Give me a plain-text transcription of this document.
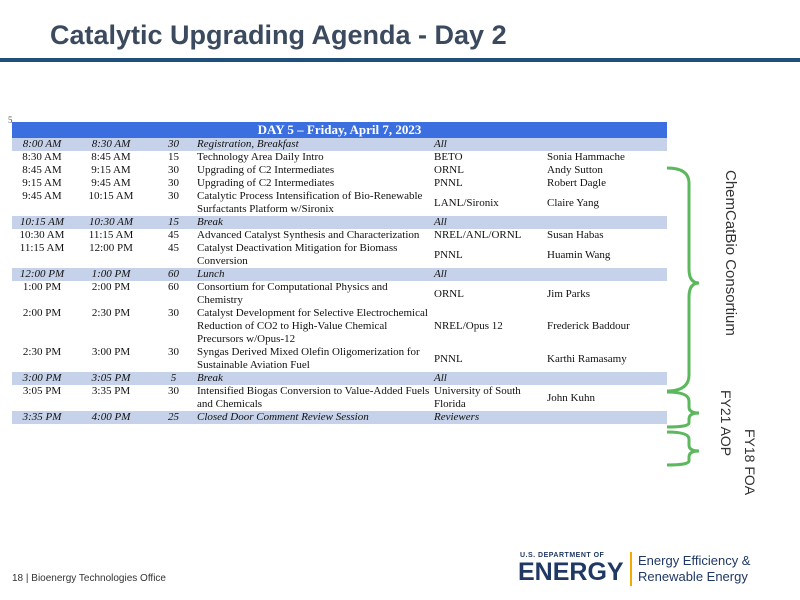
Catalytic Upgrading Agenda - Day 2
5
DAY 5 – Friday, April 7, 2023					
8:00 AM	8:30 AM	30	Registration, Breakfast	All	
8:30 AM	8:45 AM	15	Technology Area Daily Intro	BETO	Sonia Hammache
8:45 AM	9:15 AM	30	Upgrading of C2 Intermediates	ORNL	Andy Sutton
9:15 AM	9:45 AM	30	Upgrading of C2 Intermediates	PNNL	Robert Dagle
9:45 AM	10:15 AM	30	Catalytic Process Intensification of Bio-Renewable Surfactants Platform w/Sironix	LANL/Sironix	Claire Yang
10:15 AM	10:30 AM	15	Break	All	
10:30 AM	11:15 AM	45	Advanced Catalyst Synthesis and Characterization	NREL/ANL/ORNL	Susan Habas
11:15 AM	12:00 PM	45	Catalyst Deactivation Mitigation for Biomass Conversion	PNNL	Huamin Wang
12:00 PM	1:00 PM	60	Lunch	All	
1:00 PM	2:00 PM	60	Consortium for Computational Physics and Chemistry	ORNL	Jim Parks
2:00 PM	2:30 PM	30	Catalyst Development for Selective Electrochemical Reduction of CO2 to High-Value Chemical Precursors w/Opus-12	NREL/Opus 12	Frederick Baddour
2:30 PM	3:00 PM	30	Syngas Derived Mixed Olefin Oligomerization for Sustainable Aviation Fuel	PNNL	Karthi Ramasamy
3:00 PM	3:05 PM	5	Break	All	
3:05 PM	3:35 PM	30	Intensified Biogas Conversion to Value-Added Fuels and Chemicals	University of South Florida	John Kuhn
3:35 PM	4:00 PM	25	Closed Door Comment Review Session	Reviewers	
ChemCatBio Consortium
FY21 AOP
FY18 FOA
18 | Bioenergy Technologies Office
U.S. DEPARTMENT OF
ENERGY Energy Efficiency &
Renewable Energy
